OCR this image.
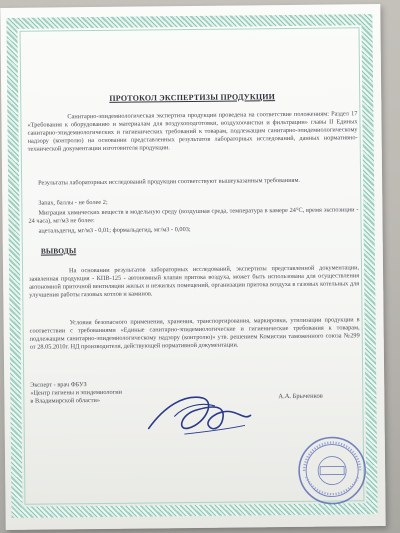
ПРОТОКОЛ ЭКСПЕРТИЗЫ ПРОДУКЦИИ
Санитарно-эпидемиологическая экспертиза продукции проведена на соответствие положениям: Раздел 17 «Требования к оборудованию и материалам для воздухоподготовки, воздухоочистки и фильтрации» главы II Единых санитарно-эпидемиологических и гигиенических требований к товарам, подлежащим санитарно-эпидемиологическому надзору (контролю) на основании представленных результатов лабораторных исследований, данных нормативно-технической документации изготовителя продукции.
Результаты лабораторных исследований продукции соответствуют вышеуказанным требованиям.
Запах, баллы - не более 2;
Миграция химических веществ в модельную среду (воздушная среда, температура в камере 24°С, время экспозиции - 24 часа), мг/м3 не более:
ацетальдегид, мг/м3 - 0,01; формальдегид, мг/м3 - 0,003;
ВЫВОДЫ
На основании результатов лабораторных исследований, экспертизы представленной документации, заявленная продукция - КПВ-125 - автономный клапан притока воздуха, может быть использована для осуществления автономной приточной вентиляции жилых и нежилых помещений, организации притока воздуха в газовых котельных для улучшения работы газовых котлов и каминов.
Условия безопасного применения, хранения, транспортирования, маркировки, утилизации продукции в соответствии с требованиями «Единые санитарно-эпидемиологические и гигиенические требования к товарам, подлежащим санитарно-эпидемиологическому надзору (контролю)» утв. решением Комиссии таможенного союза №299 от 28.05.2010г. НД производителя, действующей нормативной документации.
Эксперт - врач ФБУЗ
«Центр гигиены и эпидемиологии
в Владимирской области»
А.А. Брыченков
